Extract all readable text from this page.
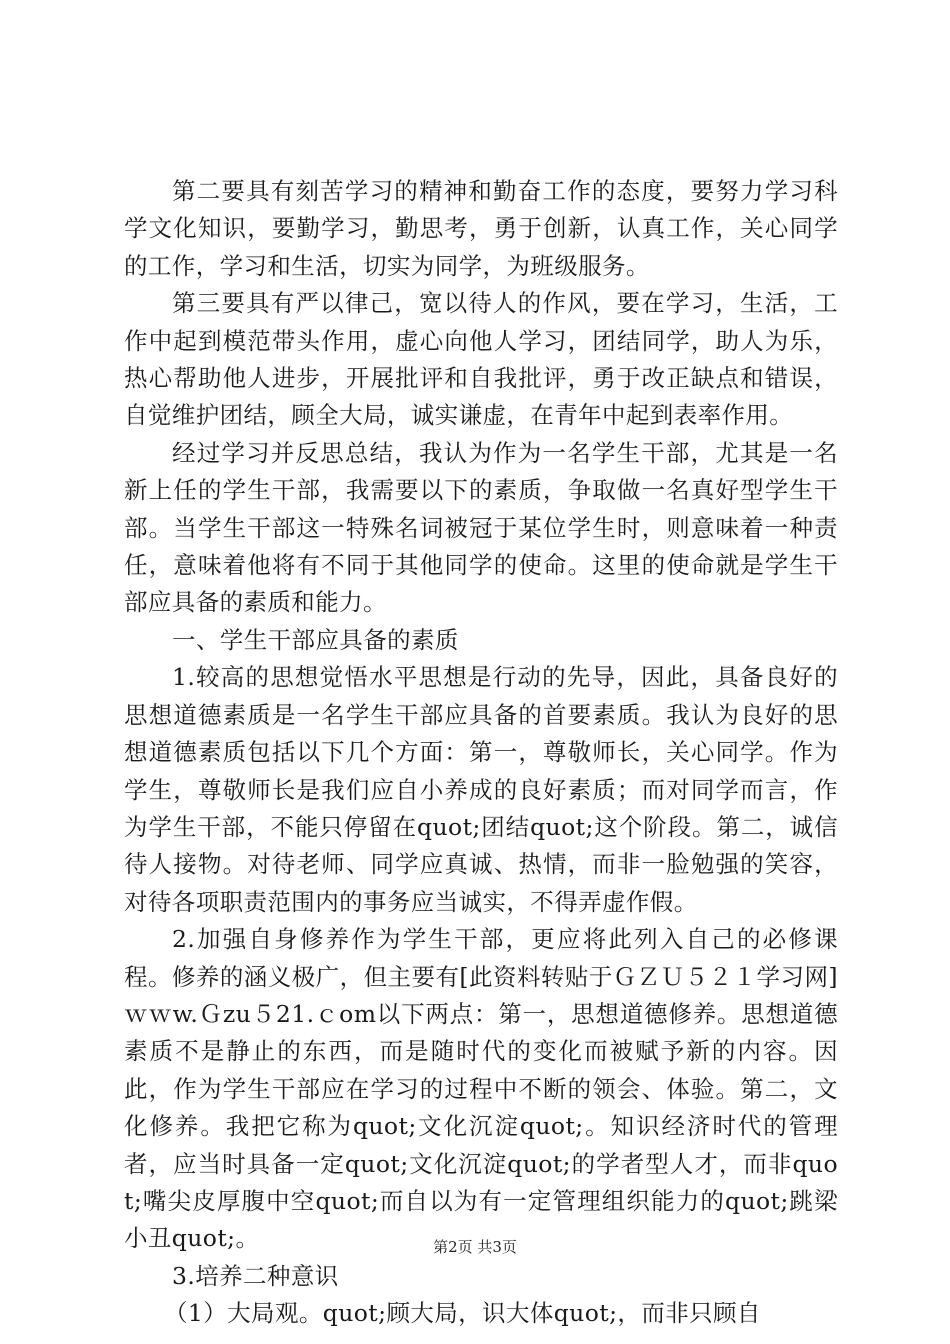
第二要具有刻苦学习的精神和勤奋工作的态度，要努力学习科学文化知识，要勤学习，勤思考，勇于创新，认真工作，关心同学的工作，学习和生活，切实为同学，为班级服务。

第三要具有严以律己，宽以待人的作风，要在学习，生活，工作中起到模范带头作用，虚心向他人学习，团结同学，助人为乐，热心帮助他人进步，开展批评和自我批评，勇于改正缺点和错误，自觉维护团结，顾全大局，诚实谦虚，在青年中起到表率作用。

经过学习并反思总结，我认为作为一名学生干部，尤其是一名新上任的学生干部，我需要以下的素质，争取做一名真好型学生干部。当学生干部这一特殊名词被冠于某位学生时，则意味着一种责任，意味着他将有不同于其他同学的使命。这里的使命就是学生干部应具备的素质和能力。

一、学生干部应具备的素质

1.较高的思想觉悟水平思想是行动的先导，因此，具备良好的思想道德素质是一名学生干部应具备的首要素质。我认为良好的思想道德素质包括以下几个方面：第一，尊敬师长，关心同学。作为学生，尊敬师长是我们应自小养成的良好素质；而对同学而言，作为学生干部，不能只停留在quot;团结quot;这个阶段。第二，诚信待人接物。对待老师、同学应真诚、热情，而非一脸勉强的笑容，对待各项职责范围内的事务应当诚实，不得弄虚作假。

2.加强自身修养作为学生干部，更应将此列入自己的必修课程。修养的涵义极广，但主要有[此资料转贴于ＧＺＵ５２１学习网]ｗｗw.Ｇzu５21.ｃom以下两点：第一，思想道德修养。思想道德素质不是静止的东西，而是随时代的变化而被赋予新的内容。因此，作为学生干部应在学习的过程中不断的领会、体验。第二，文化修养。我把它称为quot;文化沉淀quot;。知识经济时代的管理者，应当时具备一定quot;文化沉淀quot;的学者型人才，而非quot;嘴尖皮厚腹中空quot;而自以为有一定管理组织能力的quot;跳梁小丑quot;。

3.培养二种意识

（1）大局观。quot;顾大局，识大体quot;，而非只顾自

第2页 共3页
